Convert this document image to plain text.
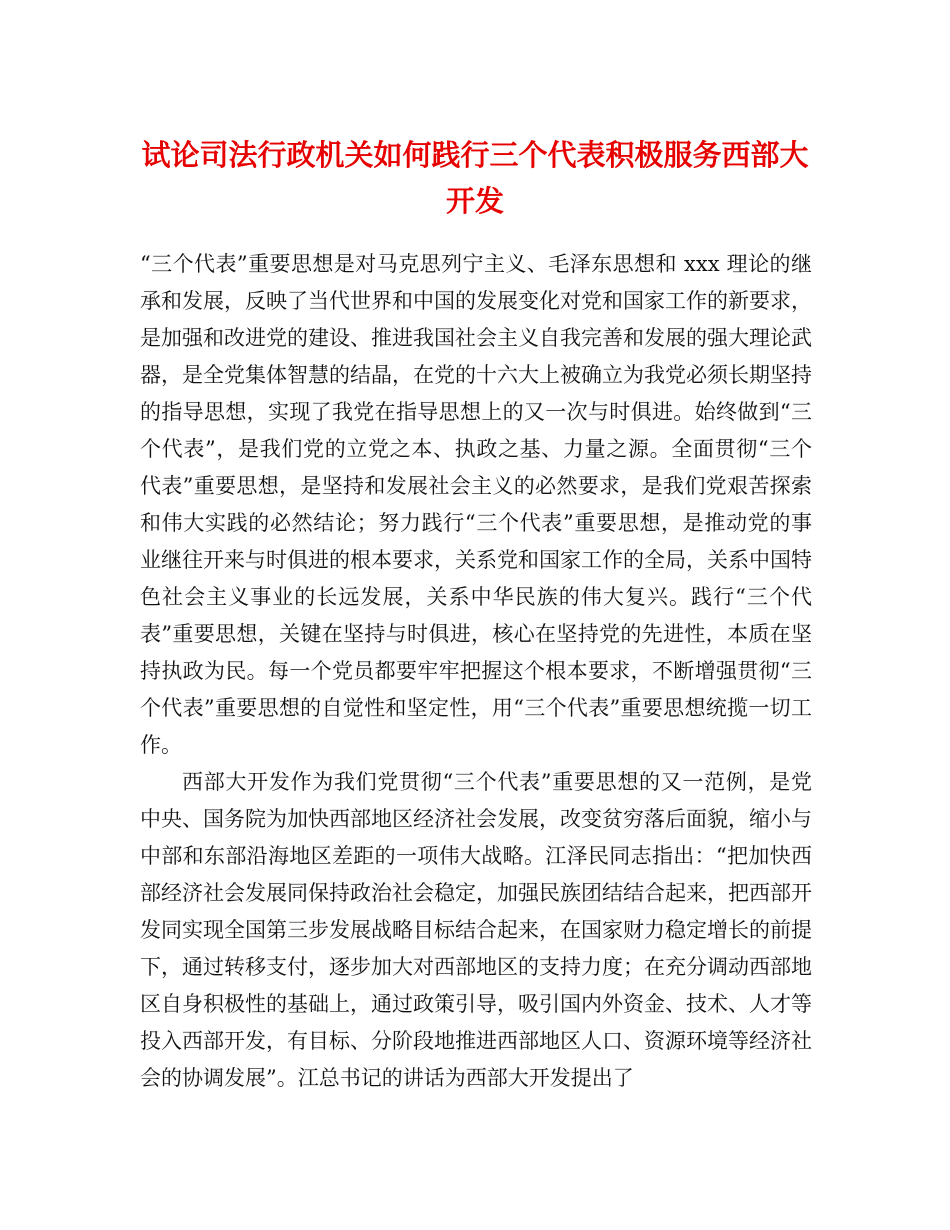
试论司法行政机关如何践行三个代表积极服务西部大开发

“三个代表”重要思想是对马克思列宁主义、毛泽东思想和 xxx 理论的继承和发展，反映了当代世界和中国的发展变化对党和国家工作的新要求，是加强和改进党的建设、推进我国社会主义自我完善和发展的强大理论武器，是全党集体智慧的结晶，在党的十六大上被确立为我党必须长期坚持的指导思想，实现了我党在指导思想上的又一次与时俱进。始终做到“三个代表”，是我们党的立党之本、执政之基、力量之源。全面贯彻“三个代表”重要思想，是坚持和发展社会主义的必然要求，是我们党艰苦探索和伟大实践的必然结论；努力践行“三个代表”重要思想，是推动党的事业继往开来与时俱进的根本要求，关系党和国家工作的全局，关系中国特色社会主义事业的长远发展，关系中华民族的伟大复兴。践行“三个代表”重要思想，关键在坚持与时俱进，核心在坚持党的先进性，本质在坚持执政为民。每一个党员都要牢牢把握这个根本要求，不断增强贯彻“三个代表”重要思想的自觉性和坚定性，用“三个代表”重要思想统揽一切工作。

西部大开发作为我们党贯彻“三个代表”重要思想的又一范例，是党中央、国务院为加快西部地区经济社会发展，改变贫穷落后面貌，缩小与中部和东部沿海地区差距的一项伟大战略。江泽民同志指出：“把加快西部经济社会发展同保持政治社会稳定，加强民族团结结合起来，把西部开发同实现全国第三步发展战略目标结合起来，在国家财力稳定增长的前提下，通过转移支付，逐步加大对西部地区的支持力度；在充分调动西部地区自身积极性的基础上，通过政策引导，吸引国内外资金、技术、人才等投入西部开发，有目标、分阶段地推进西部地区人口、资源环境等经济社会的协调发展”。江总书记的讲话为西部大开发提出了
